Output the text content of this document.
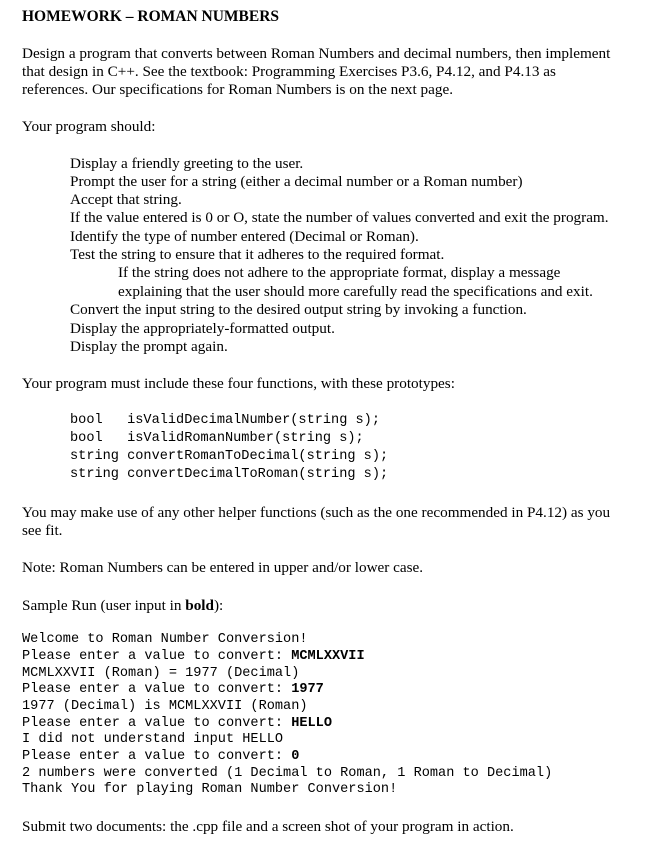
HOMEWORK – ROMAN NUMBERS

Design a program that converts between Roman Numbers and decimal numbers, then implement

that design in C++. See the textbook: Programming Exercises P3.6, P4.12, and P4.13 as

references. Our specifications for Roman Numbers is on the next page.

Your program should:

Display a friendly greeting to the user.

Prompt the user for a string (either a decimal number or a Roman number)

Accept that string.

If the value entered is 0 or O, state the number of values converted and exit the program.

Identify the type of number entered (Decimal or Roman).

Test the string to ensure that it adheres to the required format.

If the string does not adhere to the appropriate format, display a message

explaining that the user should more carefully read the specifications and exit.

Convert the input string to the desired output string by invoking a function.

Display the appropriately-formatted output.

Display the prompt again.

Your program must include these four functions, with these prototypes:

bool   isValidDecimalNumber(string s);

bool   isValidRomanNumber(string s);

string convertRomanToDecimal(string s);

string convertDecimalToRoman(string s);

You may make use of any other helper functions (such as the one recommended in P4.12) as you

see fit.

Note: Roman Numbers can be entered in upper and/or lower case.

Sample Run (user input in bold):

Welcome to Roman Number Conversion!

Please enter a value to convert: MCMLXXVII

MCMLXXVII (Roman) = 1977 (Decimal)

Please enter a value to convert: 1977

1977 (Decimal) is MCMLXXVII (Roman)

Please enter a value to convert: HELLO

I did not understand input HELLO

Please enter a value to convert: 0

2 numbers were converted (1 Decimal to Roman, 1 Roman to Decimal)

Thank You for playing Roman Number Conversion!

Submit two documents: the .cpp file and a screen shot of your program in action.
